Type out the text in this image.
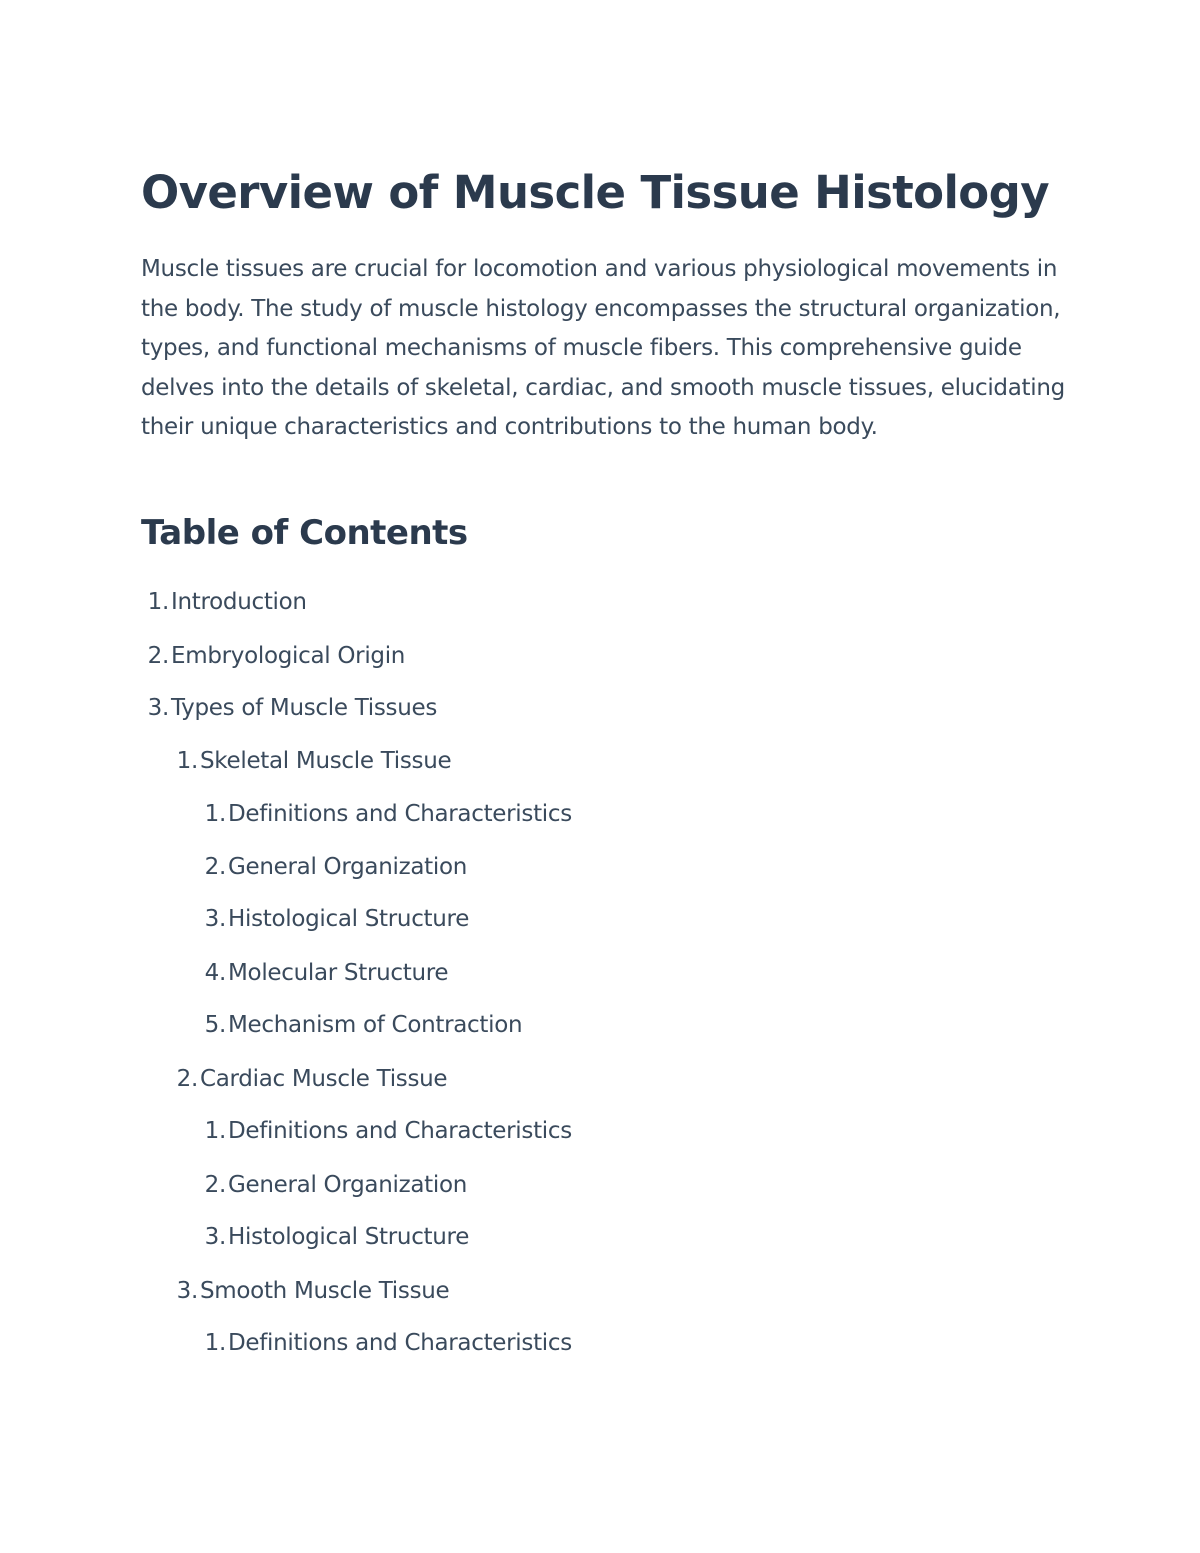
Overview of Muscle Tissue Histology

Muscle tissues are crucial for locomotion and various physiological movements in the body. The study of muscle histology encompasses the structural organization, types, and functional mechanisms of muscle fibers. This comprehensive guide delves into the details of skeletal, cardiac, and smooth muscle tissues, elucidating their unique characteristics and contributions to the human body.

Table of Contents
1.Introduction
2.Embryological Origin
3.Types of Muscle Tissues
1.Skeletal Muscle Tissue
1.Definitions and Characteristics
2.General Organization
3.Histological Structure
4.Molecular Structure
5.Mechanism of Contraction
2.Cardiac Muscle Tissue
1.Definitions and Characteristics
2.General Organization
3.Histological Structure
3.Smooth Muscle Tissue
1.Definitions and Characteristics
